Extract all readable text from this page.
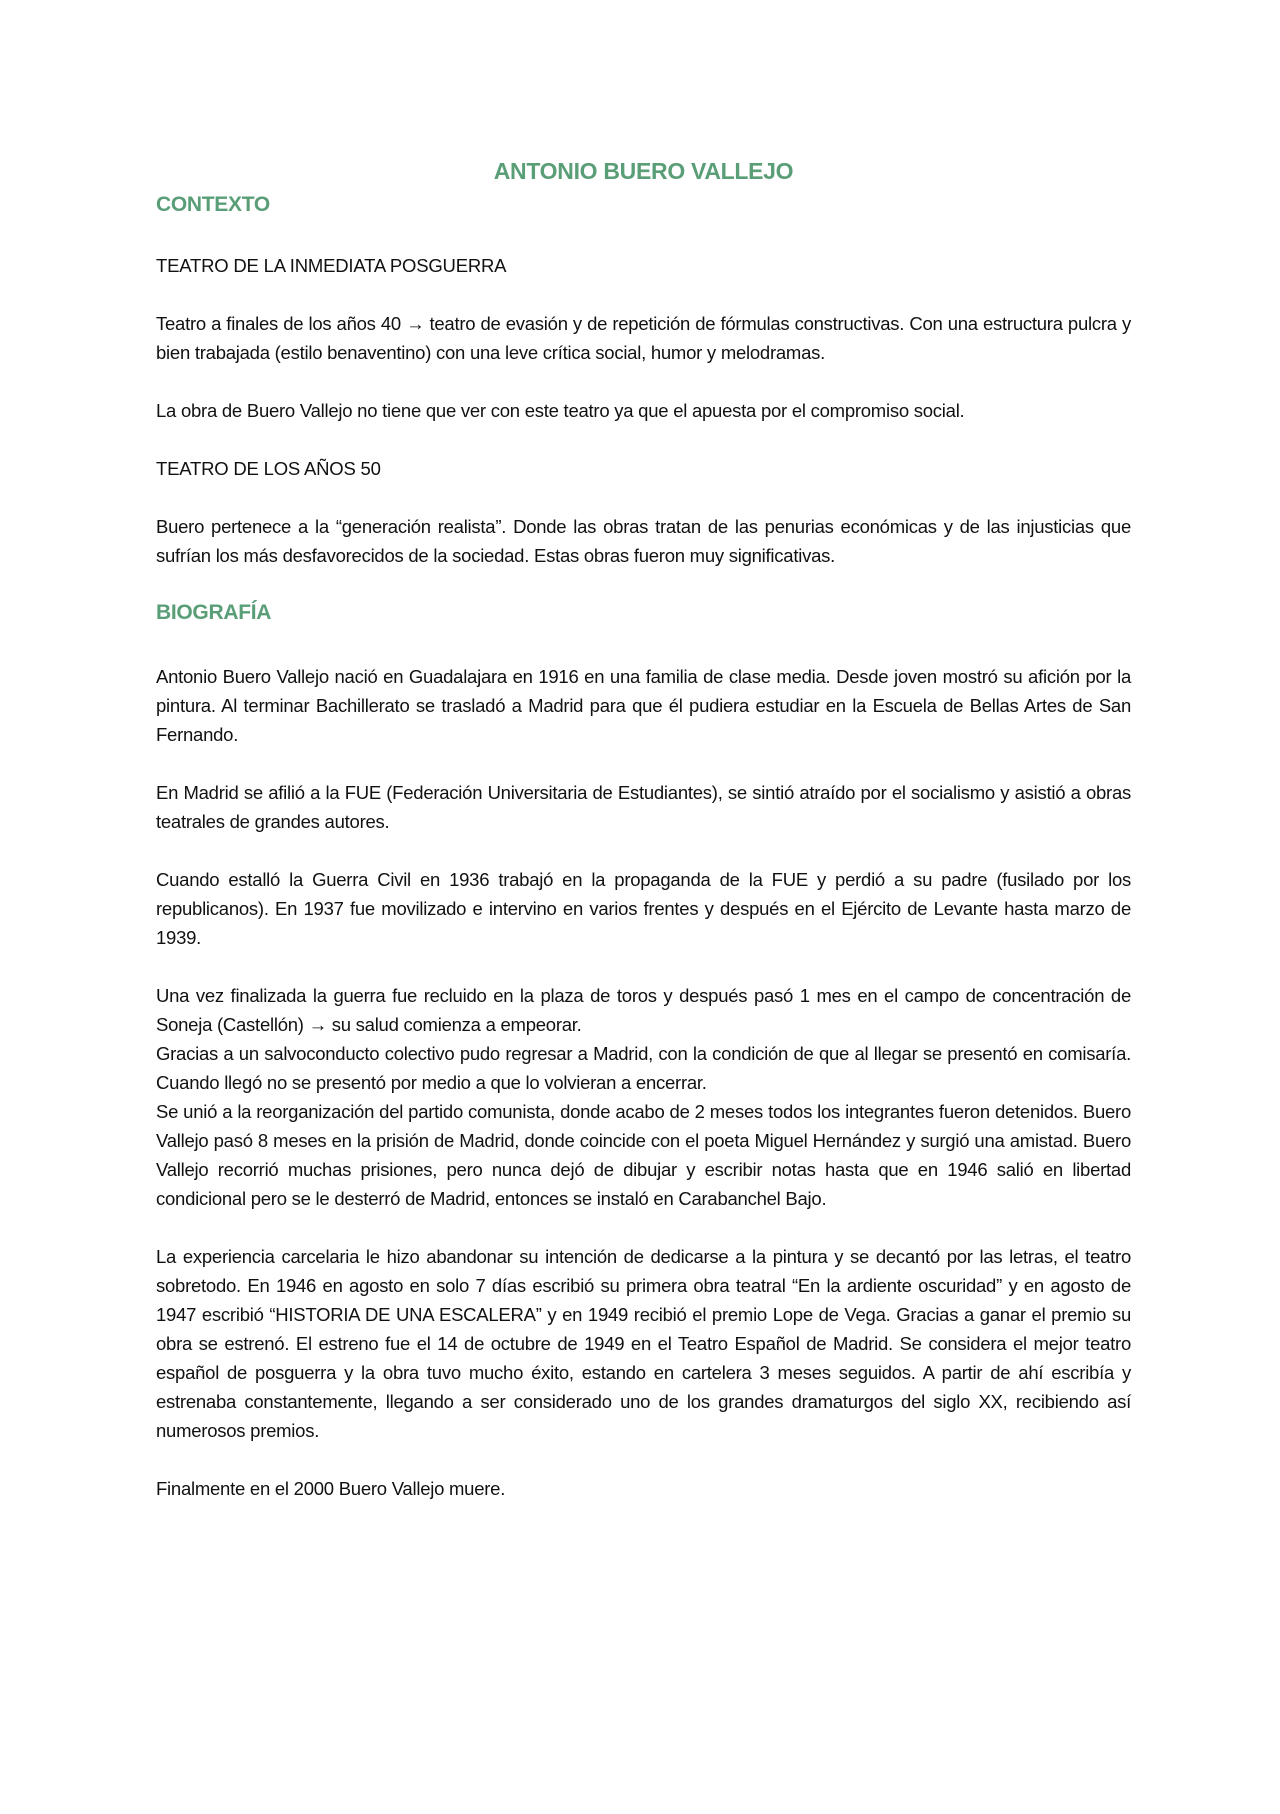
ANTONIO BUERO VALLEJO
CONTEXTO
TEATRO DE LA INMEDIATA POSGUERRA

Teatro a finales de los años 40 → teatro de evasión y de repetición de fórmulas constructivas. Con una estructura pulcra y bien trabajada (estilo benaventino) con una leve crítica social, humor y melodramas.

La obra de Buero Vallejo no tiene que ver con este teatro ya que el apuesta por el compromiso social.

TEATRO DE LOS AÑOS 50

Buero pertenece a la “generación realista”. Donde las obras tratan de las penurias económicas y de las injusticias que sufrían los más desfavorecidos de la sociedad. Estas obras fueron muy significativas.

BIOGRAFÍA

Antonio Buero Vallejo nació en Guadalajara en 1916 en una familia de clase media. Desde joven mostró su afición por la pintura. Al terminar Bachillerato se trasladó a Madrid para que él pudiera estudiar en la Escuela de Bellas Artes de San Fernando.

En Madrid se afilió a la FUE (Federación Universitaria de Estudiantes), se sintió atraído por el socialismo y asistió a obras teatrales de grandes autores.

Cuando estalló la Guerra Civil en 1936 trabajó en la propaganda de la FUE y perdió a su padre (fusilado por los republicanos). En 1937 fue movilizado e intervino en varios frentes y después en el Ejército de Levante hasta marzo de 1939.

Una vez finalizada la guerra fue recluido en la plaza de toros y después pasó 1 mes en el campo de concentración de Soneja (Castellón) → su salud comienza a empeorar.

Gracias a un salvoconducto colectivo pudo regresar a Madrid, con la condición de que al llegar se presentó en comisaría. Cuando llegó no se presentó por medio a que lo volvieran a encerrar.

Se unió a la reorganización del partido comunista, donde acabo de 2 meses todos los integrantes fueron detenidos. Buero Vallejo pasó 8 meses en la prisión de Madrid, donde coincide con el poeta Miguel Hernández y surgió una amistad. Buero Vallejo recorrió muchas prisiones, pero nunca dejó de dibujar y escribir notas hasta que en 1946 salió en libertad condicional pero se le desterró de Madrid, entonces se instaló en Carabanchel Bajo.

La experiencia carcelaria le hizo abandonar su intención de dedicarse a la pintura y se decantó por las letras, el teatro sobretodo. En 1946 en agosto en solo 7 días escribió su primera obra teatral “En la ardiente oscuridad” y en agosto de 1947 escribió “HISTORIA DE UNA ESCALERA” y en 1949 recibió el premio Lope de Vega. Gracias a ganar el premio su obra se estrenó. El estreno fue el 14 de octubre de 1949 en el Teatro Español de Madrid. Se considera el mejor teatro español de posguerra y la obra tuvo mucho éxito, estando en cartelera 3 meses seguidos. A partir de ahí escribía y estrenaba constantemente, llegando a ser considerado uno de los grandes dramaturgos del siglo XX, recibiendo así numerosos premios.

Finalmente en el 2000 Buero Vallejo muere.
